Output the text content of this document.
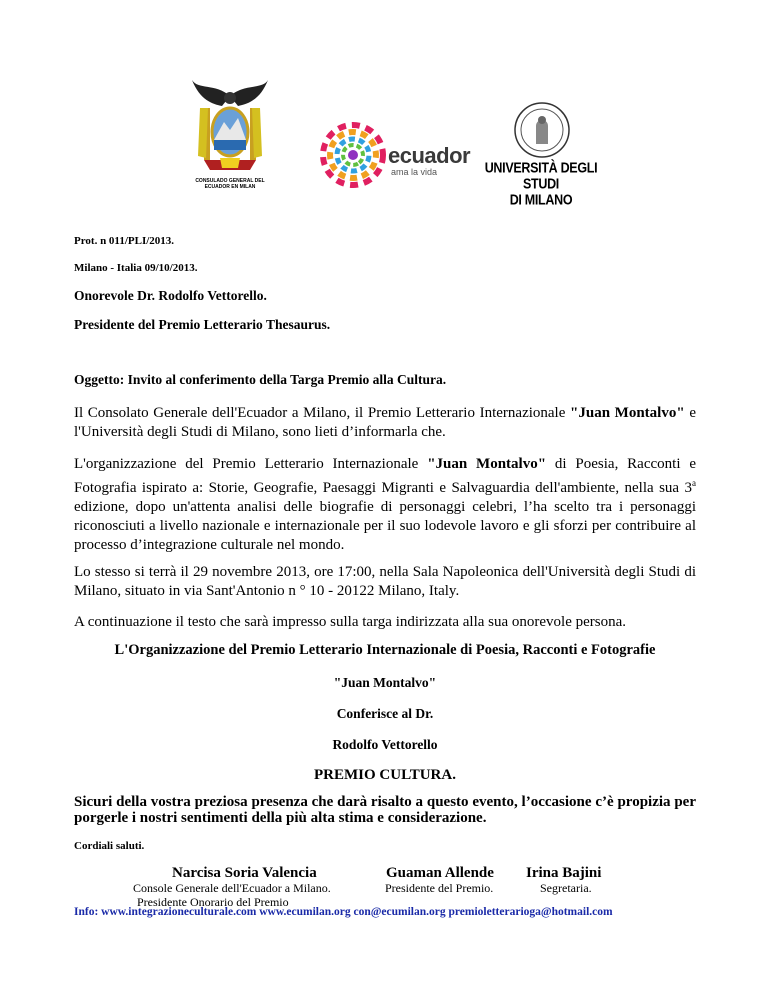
CONSULADO GENERAL DEL ECUADOR EN MILAN
ecuador
ama la vida	UNIVERSITÀ DEGLI STUDI
DI MILANO
Prot. n 011/PLI/2013.
Milano - Italia 09/10/2013.
Onorevole Dr. Rodolfo Vettorello.
Presidente del Premio Letterario Thesaurus.
Oggetto: Invito al conferimento della Targa Premio alla Cultura.
Il Consolato Generale dell'Ecuador a Milano, il Premio Letterario Internazionale "Juan Montalvo" e l'Università degli Studi di Milano, sono lieti d’informarla che.
L'organizzazione del Premio Letterario Internazionale "Juan Montalvo" di Poesia, Racconti e Fotografia ispirato a: Storie, Geografie, Paesaggi Migranti e Salvaguardia dell'ambiente, nella sua 3$^a$ edizione, dopo un'attenta analisi delle biografie di personaggi celebri, l’ha scelto tra i personaggi riconosciuti a livello nazionale e internazionale per il suo lodevole lavoro e gli sforzi per contribuire al processo d’integrazione culturale nel mondo.
Lo stesso si terrà il 29 novembre 2013, ore 17:00, nella Sala Napoleonica dell'Università degli Studi di Milano, situato in via Sant'Antonio n ° 10 - 20122 Milano, Italy.
A continuazione il testo che sarà impresso sulla targa indirizzata alla sua onorevole persona.
L'Organizzazione del Premio Letterario Internazionale di Poesia, Racconti e Fotografie
"Juan Montalvo"
Conferisce al Dr.
Rodolfo Vettorello
PREMIO CULTURA.
Sicuri della vostra preziosa presenza che darà risalto a questo evento, l’occasione c’è propizia per porgerle i nostri sentimenti della più alta stima e considerazione.
Cordiali saluti.
Narcisa Soria Valencia
Console Generale dell'Ecuador a Milano.
Presidente Onorario del Premio
Guaman Allende
Presidente del Premio.
Irina Bajini
Segretaria.
Info: www.integrazioneculturale.com www.ecumilan.org con@ecumilan.org premioletterarioga@hotmail.com
